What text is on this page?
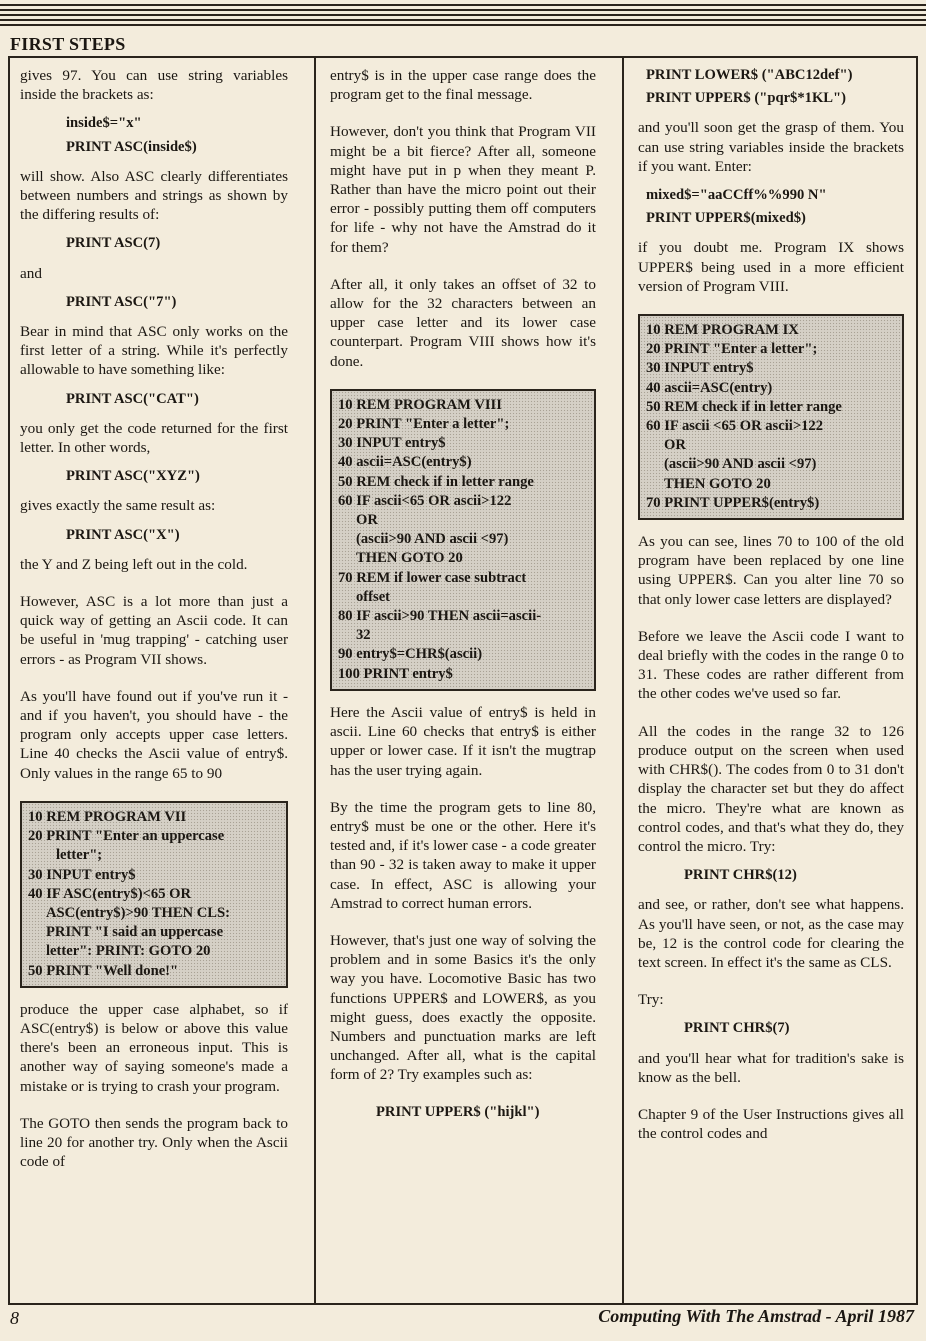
FIRST STEPS

gives 97. You can use string variables inside the brackets as:

inside$="x"
PRINT ASC(inside$)

will show. Also ASC clearly differentiates between numbers and strings as shown by the differing results of:

PRINT ASC(7)

and

PRINT ASC("7")

Bear in mind that ASC only works on the first letter of a string. While it's perfectly allowable to have something like:

PRINT ASC("CAT")

you only get the code returned for the first letter. In other words,

PRINT ASC("XYZ")

gives exactly the same result as:

PRINT ASC("X")

the Y and Z being left out in the cold.

However, ASC is a lot more than just a quick way of getting an Ascii code. It can be useful in 'mug trapping' - catching user errors - as Program VII shows.

As you'll have found out if you've run it - and if you haven't, you should have - the program only accepts upper case letters. Line 40 checks the Ascii value of entry$. Only values in the range 65 to 90

10 REM PROGRAM VII
20 PRINT "Enter an uppercase
letter";
30 INPUT entry$
40 IF ASC(entry$)<65 OR
ASC(entry$)>90 THEN CLS:
PRINT "I said an uppercase
letter": PRINT: GOTO 20
50 PRINT "Well done!"

produce the upper case alphabet, so if ASC(entry$) is below or above this value there's been an erroneous input. This is another way of saying someone's made a mistake or is trying to crash your program.

The GOTO then sends the program back to line 20 for another try. Only when the Ascii code of

entry$ is in the upper case range does the program get to the final message.

However, don't you think that Program VII might be a bit fierce? After all, someone might have put in p when they meant P. Rather than have the micro point out their error - possibly putting them off computers for life - why not have the Amstrad do it for them?

After all, it only takes an offset of 32 to allow for the 32 characters between an upper case letter and its lower case counterpart. Program VIII shows how it's done.

10 REM PROGRAM VIII
20 PRINT "Enter a letter";
30 INPUT entry$
40 ascii=ASC(entry$)
50 REM check if in letter range
60 IF ascii<65 OR ascii>122
OR
(ascii>90 AND ascii <97)
THEN GOTO 20
70 REM if lower case subtract
offset
80 IF ascii>90 THEN ascii=ascii-
32
90 entry$=CHR$(ascii)
100 PRINT entry$

Here the Ascii value of entry$ is held in ascii. Line 60 checks that entry$ is either upper or lower case. If it isn't the mugtrap has the user trying again.

By the time the program gets to line 80, entry$ must be one or the other. Here it's tested and, if it's lower case - a code greater than 90 - 32 is taken away to make it upper case. In effect, ASC is allowing your Amstrad to correct human errors.

However, that's just one way of solving the problem and in some Basics it's the only way you have. Locomotive Basic has two functions UPPER$ and LOWER$, as you might guess, does exactly the opposite. Numbers and punctuation marks are left unchanged. After all, what is the capital form of 2? Try examples such as:

PRINT UPPER$ ("hijkl")
PRINT LOWER$ ("ABC12def")
PRINT UPPER$ ("pqr$*1KL")

and you'll soon get the grasp of them. You can use string variables inside the brackets if you want. Enter:

mixed$="aaCCff%%990 N"
PRINT UPPER$(mixed$)

if you doubt me. Program IX shows UPPER$ being used in a more efficient version of Program VIII.

10 REM PROGRAM IX
20 PRINT "Enter a letter";
30 INPUT entry$
40 ascii=ASC(entry)
50 REM check if in letter range
60 IF ascii <65 OR ascii>122
OR
(ascii>90 AND ascii <97)
THEN GOTO 20
70 PRINT UPPER$(entry$)

As you can see, lines 70 to 100 of the old program have been replaced by one line using UPPER$. Can you alter line 70 so that only lower case letters are displayed?

Before we leave the Ascii code I want to deal briefly with the codes in the range 0 to 31. These codes are rather different from the other codes we've used so far.

All the codes in the range 32 to 126 produce output on the screen when used with CHR$(). The codes from 0 to 31 don't display the character set but they do affect the micro. They're what are known as control codes, and that's what they do, they control the micro. Try:

PRINT CHR$(12)

and see, or rather, don't see what happens. As you'll have seen, or not, as the case may be, 12 is the control code for clearing the text screen. In effect it's the same as CLS.

Try:

PRINT CHR$(7)

and you'll hear what for tradition's sake is know as the bell.

Chapter 9 of the User Instructions gives all the control codes and

8	Computing With The Amstrad - April 1987
